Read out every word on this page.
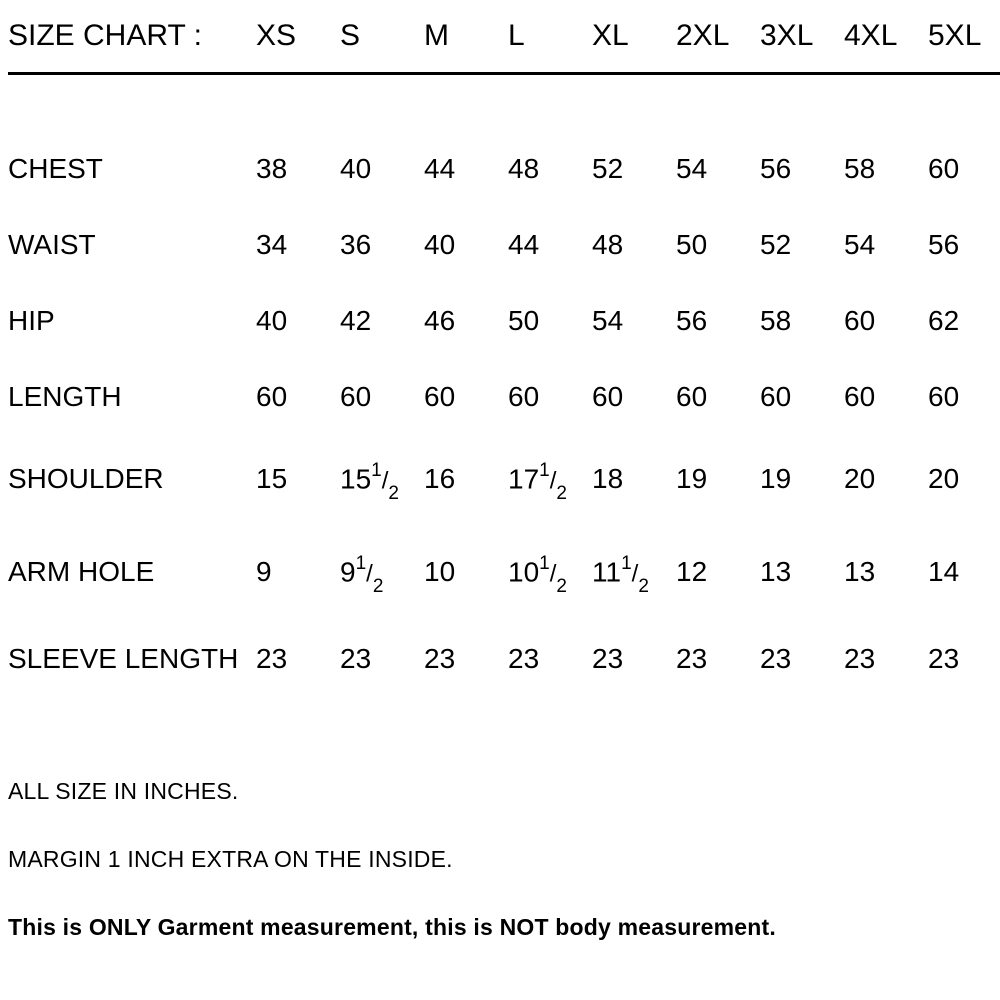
SIZE CHART :	XS	S	M	L	XL	2XL	3XL	4XL	5XL

CHEST	38	40	44	48	52	54	56	58	60
WAIST	34	36	40	44	48	50	52	54	56
HIP	40	42	46	50	54	56	58	60	62
LENGTH	60	60	60	60	60	60	60	60	60
SHOULDER	15	$15^1/_2$	16	$17^1/_2$	18	19	19	20	20
ARM HOLE	9	$9^1/_2$	10	$10^1/_2$	$11^1/_2$	12	13	13	14
SLEEVE LENGTH	23	23	23	23	23	23	23	23	23
ALL SIZE IN INCHES.
MARGIN 1 INCH EXTRA ON THE INSIDE.
This is ONLY Garment measurement, this is NOT body measurement.
